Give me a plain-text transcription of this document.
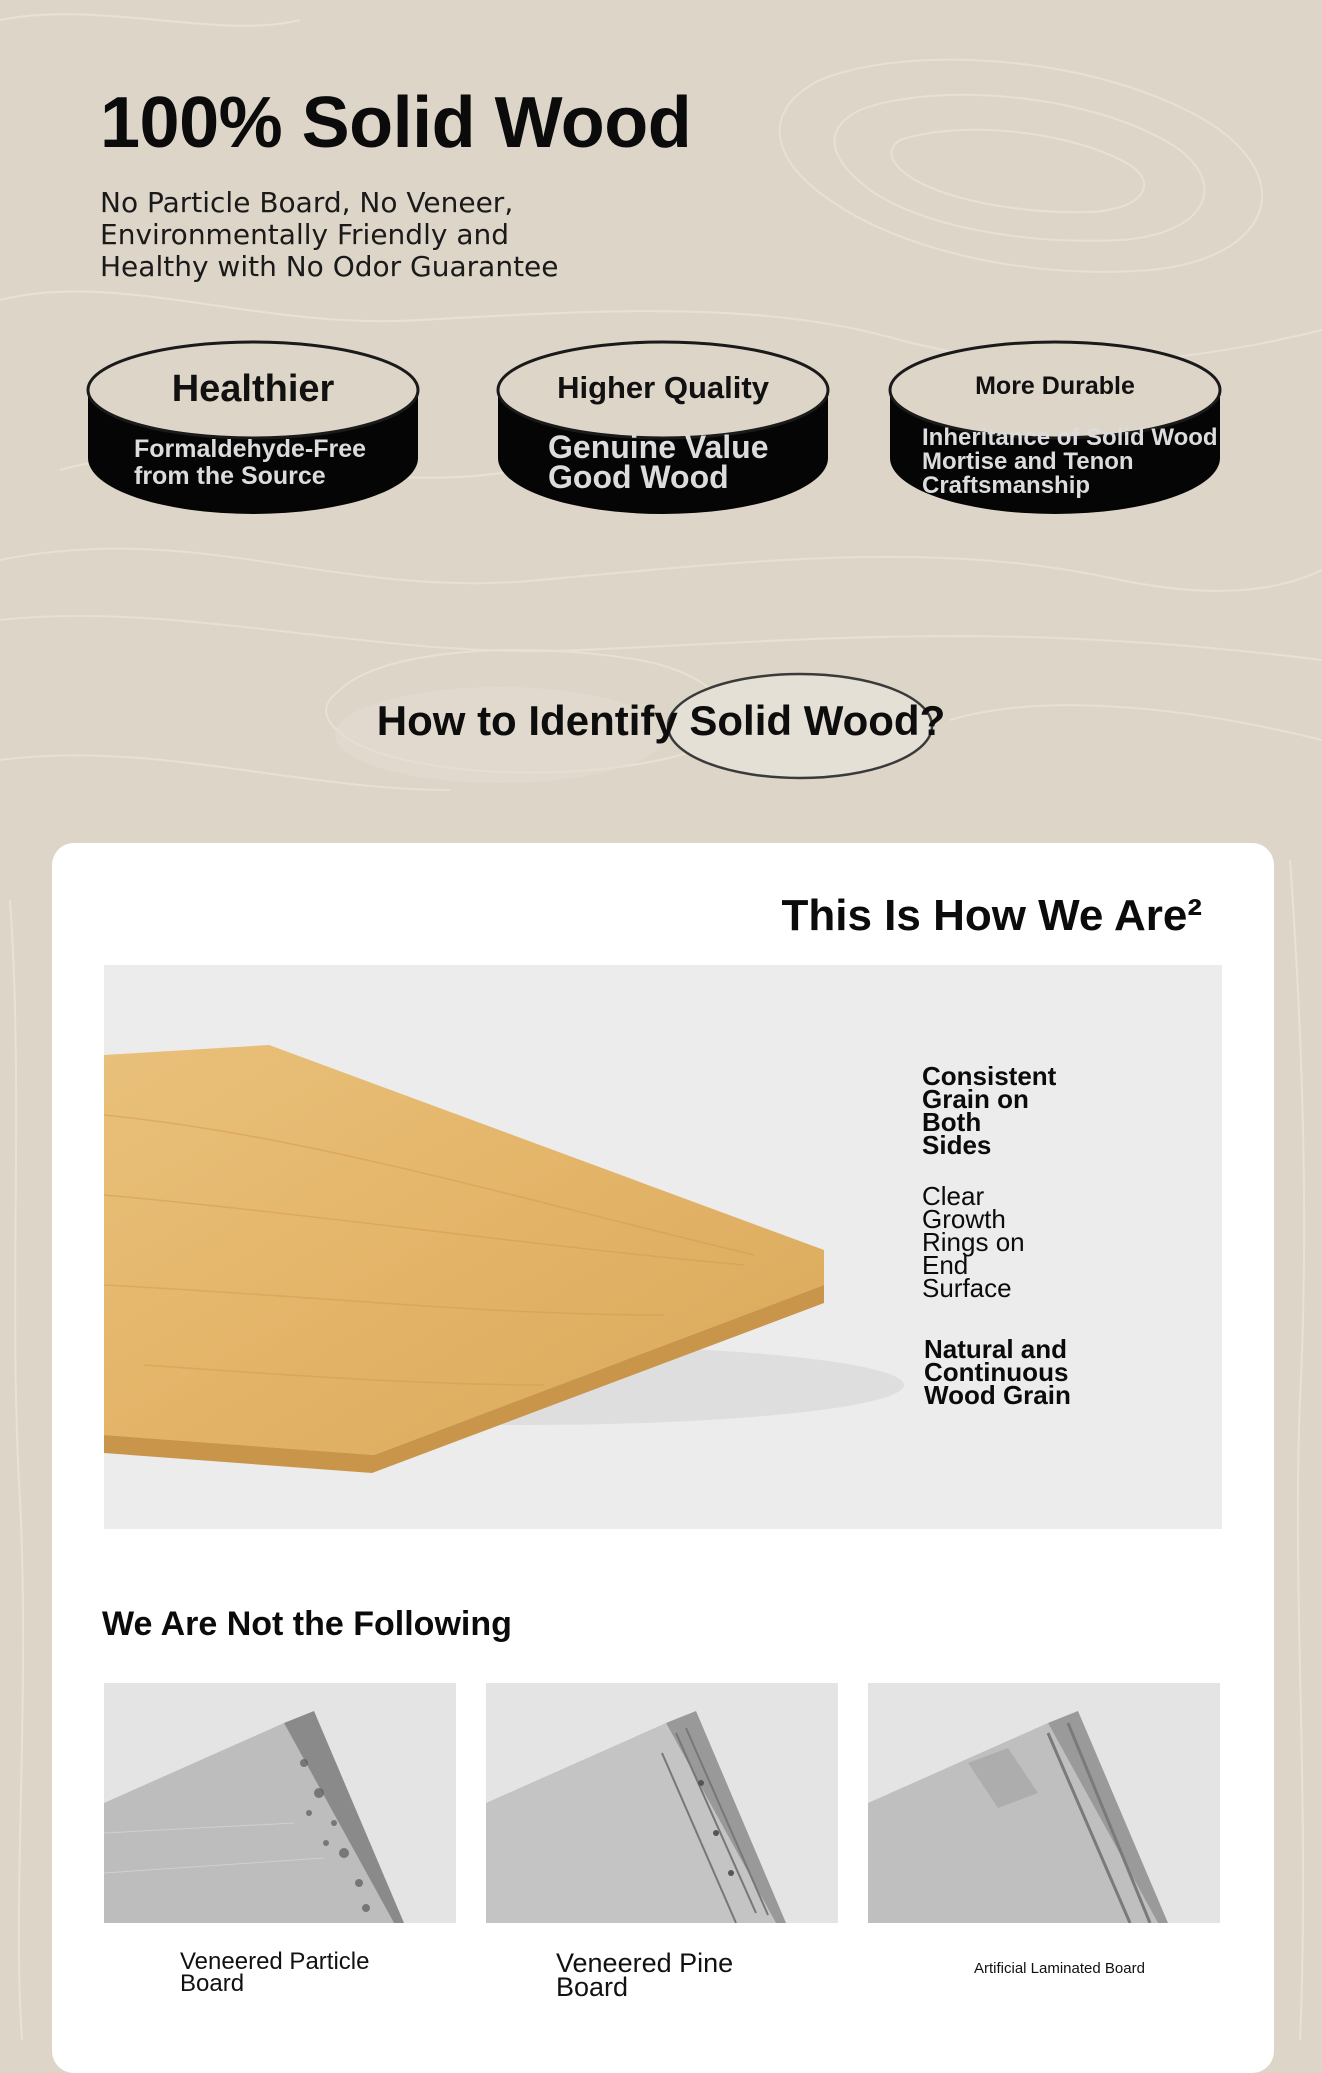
100% Solid Wood

No Particle Board, No Veneer,
Environmentally Friendly and
Healthy with No Odor Guarantee

Healthier

Formaldehyde-Free
from the Source

Higher Quality

Genuine Value
Good Wood

More Durable

Inheritance of Solid Wood
Mortise and Tenon
Craftsmanship

How to Identify Solid Wood?
This Is How We Are²

Consistent
Grain on
Both
Sides

Clear
Growth
Rings on
End
Surface

Natural and
Continuous
Wood Grain

We Are Not the Following

Veneered Particle
Board

Veneered Pine
Board

Artificial Laminated Board
